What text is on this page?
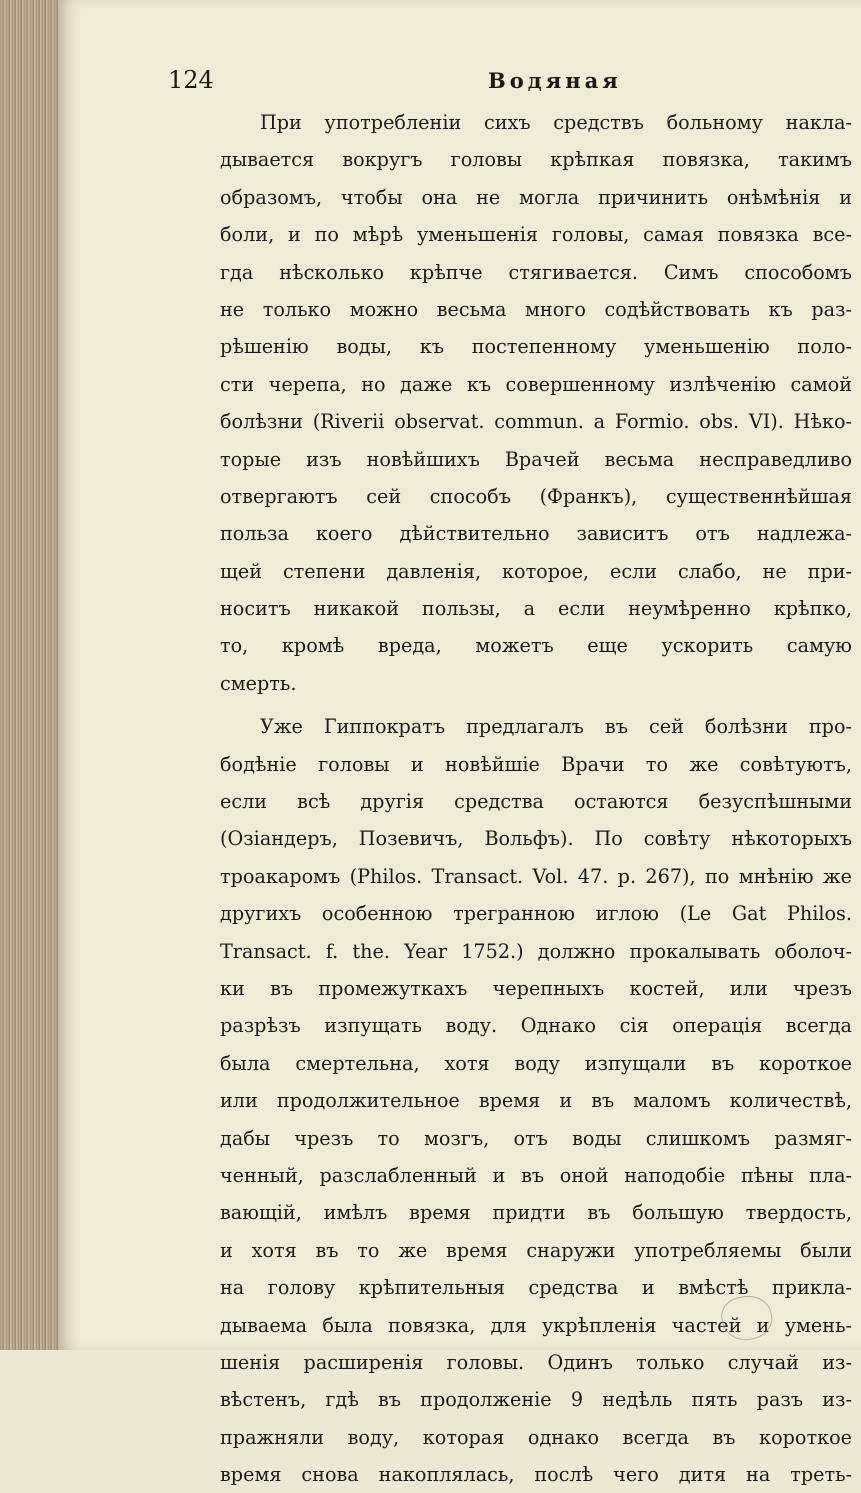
124	Водяная
При употребленіи сихъ средствъ больному накла-
дывается вокругъ головы крѣпкая повязка, такимъ
образомъ, чтобы она не могла причинить онѣмѣнія и
боли, и по мѣрѣ уменьшенія головы, самая повязка все-
гда нѣсколько крѣпче стягивается. Симъ способомъ
не только можно весьма много содѣйствовать къ раз-
рѣшенію воды, къ постепенному уменьшенію поло-
сти черепа, но даже къ совершенному излѣченію самой
болѣзни (Riverii observat. commun. a Formio. obs. VI). Нѣко-
торые изъ новѣйшихъ Врачей весьма несправедливо
отвергаютъ сей способъ (Франкъ), существеннѣйшая
польза коего дѣйствительно зависитъ отъ надлежа-
щей степени давленія, которое, если слабо, не при-
носитъ никакой пользы, а если неумѣренно крѣпко,
то, кромѣ вреда, можетъ еще ускорить самую
смерть.
Уже Гиппократъ предлагалъ въ сей болѣзни про-
бодѣніе головы и новѣйшіе Врачи то же совѣтуютъ,
если всѣ другія средства остаются безуспѣшными
(Озіандеръ, Позевичъ, Вольфъ). По совѣту нѣкоторыхъ
троакаромъ (Philos. Transact. Vol. 47. p. 267), по мнѣнію же
другихъ особенною трегранною иглою (Le Gat Philos.
Transact. f. the. Year 1752.) должно прокалывать оболоч-
ки въ промежуткахъ черепныхъ костей, или чрезъ
разрѣзъ изпущать воду. Однако сія операція всегда
была смертельна, хотя воду изпущали въ короткое
или продолжительное время и въ маломъ количествѣ,
дабы чрезъ то мозгъ, отъ воды слишкомъ размяг-
ченный, разслабленный и въ оной наподобіе пѣны пла-
вающій, имѣлъ время придти въ большую твердость,
и хотя въ то же время снаружи употребляемы были
на голову крѣпительныя средства и вмѣстѣ прикла-
дываема была повязка, для укрѣпленія частей и умень-
шенія расширенія головы. Одинъ только случай из-
вѣстенъ, гдѣ въ продолженіе 9 недѣль пять разъ из-
пражняли воду, которая однако всегда въ короткое
время снова накоплялась, послѣ чего дитя на треть-
